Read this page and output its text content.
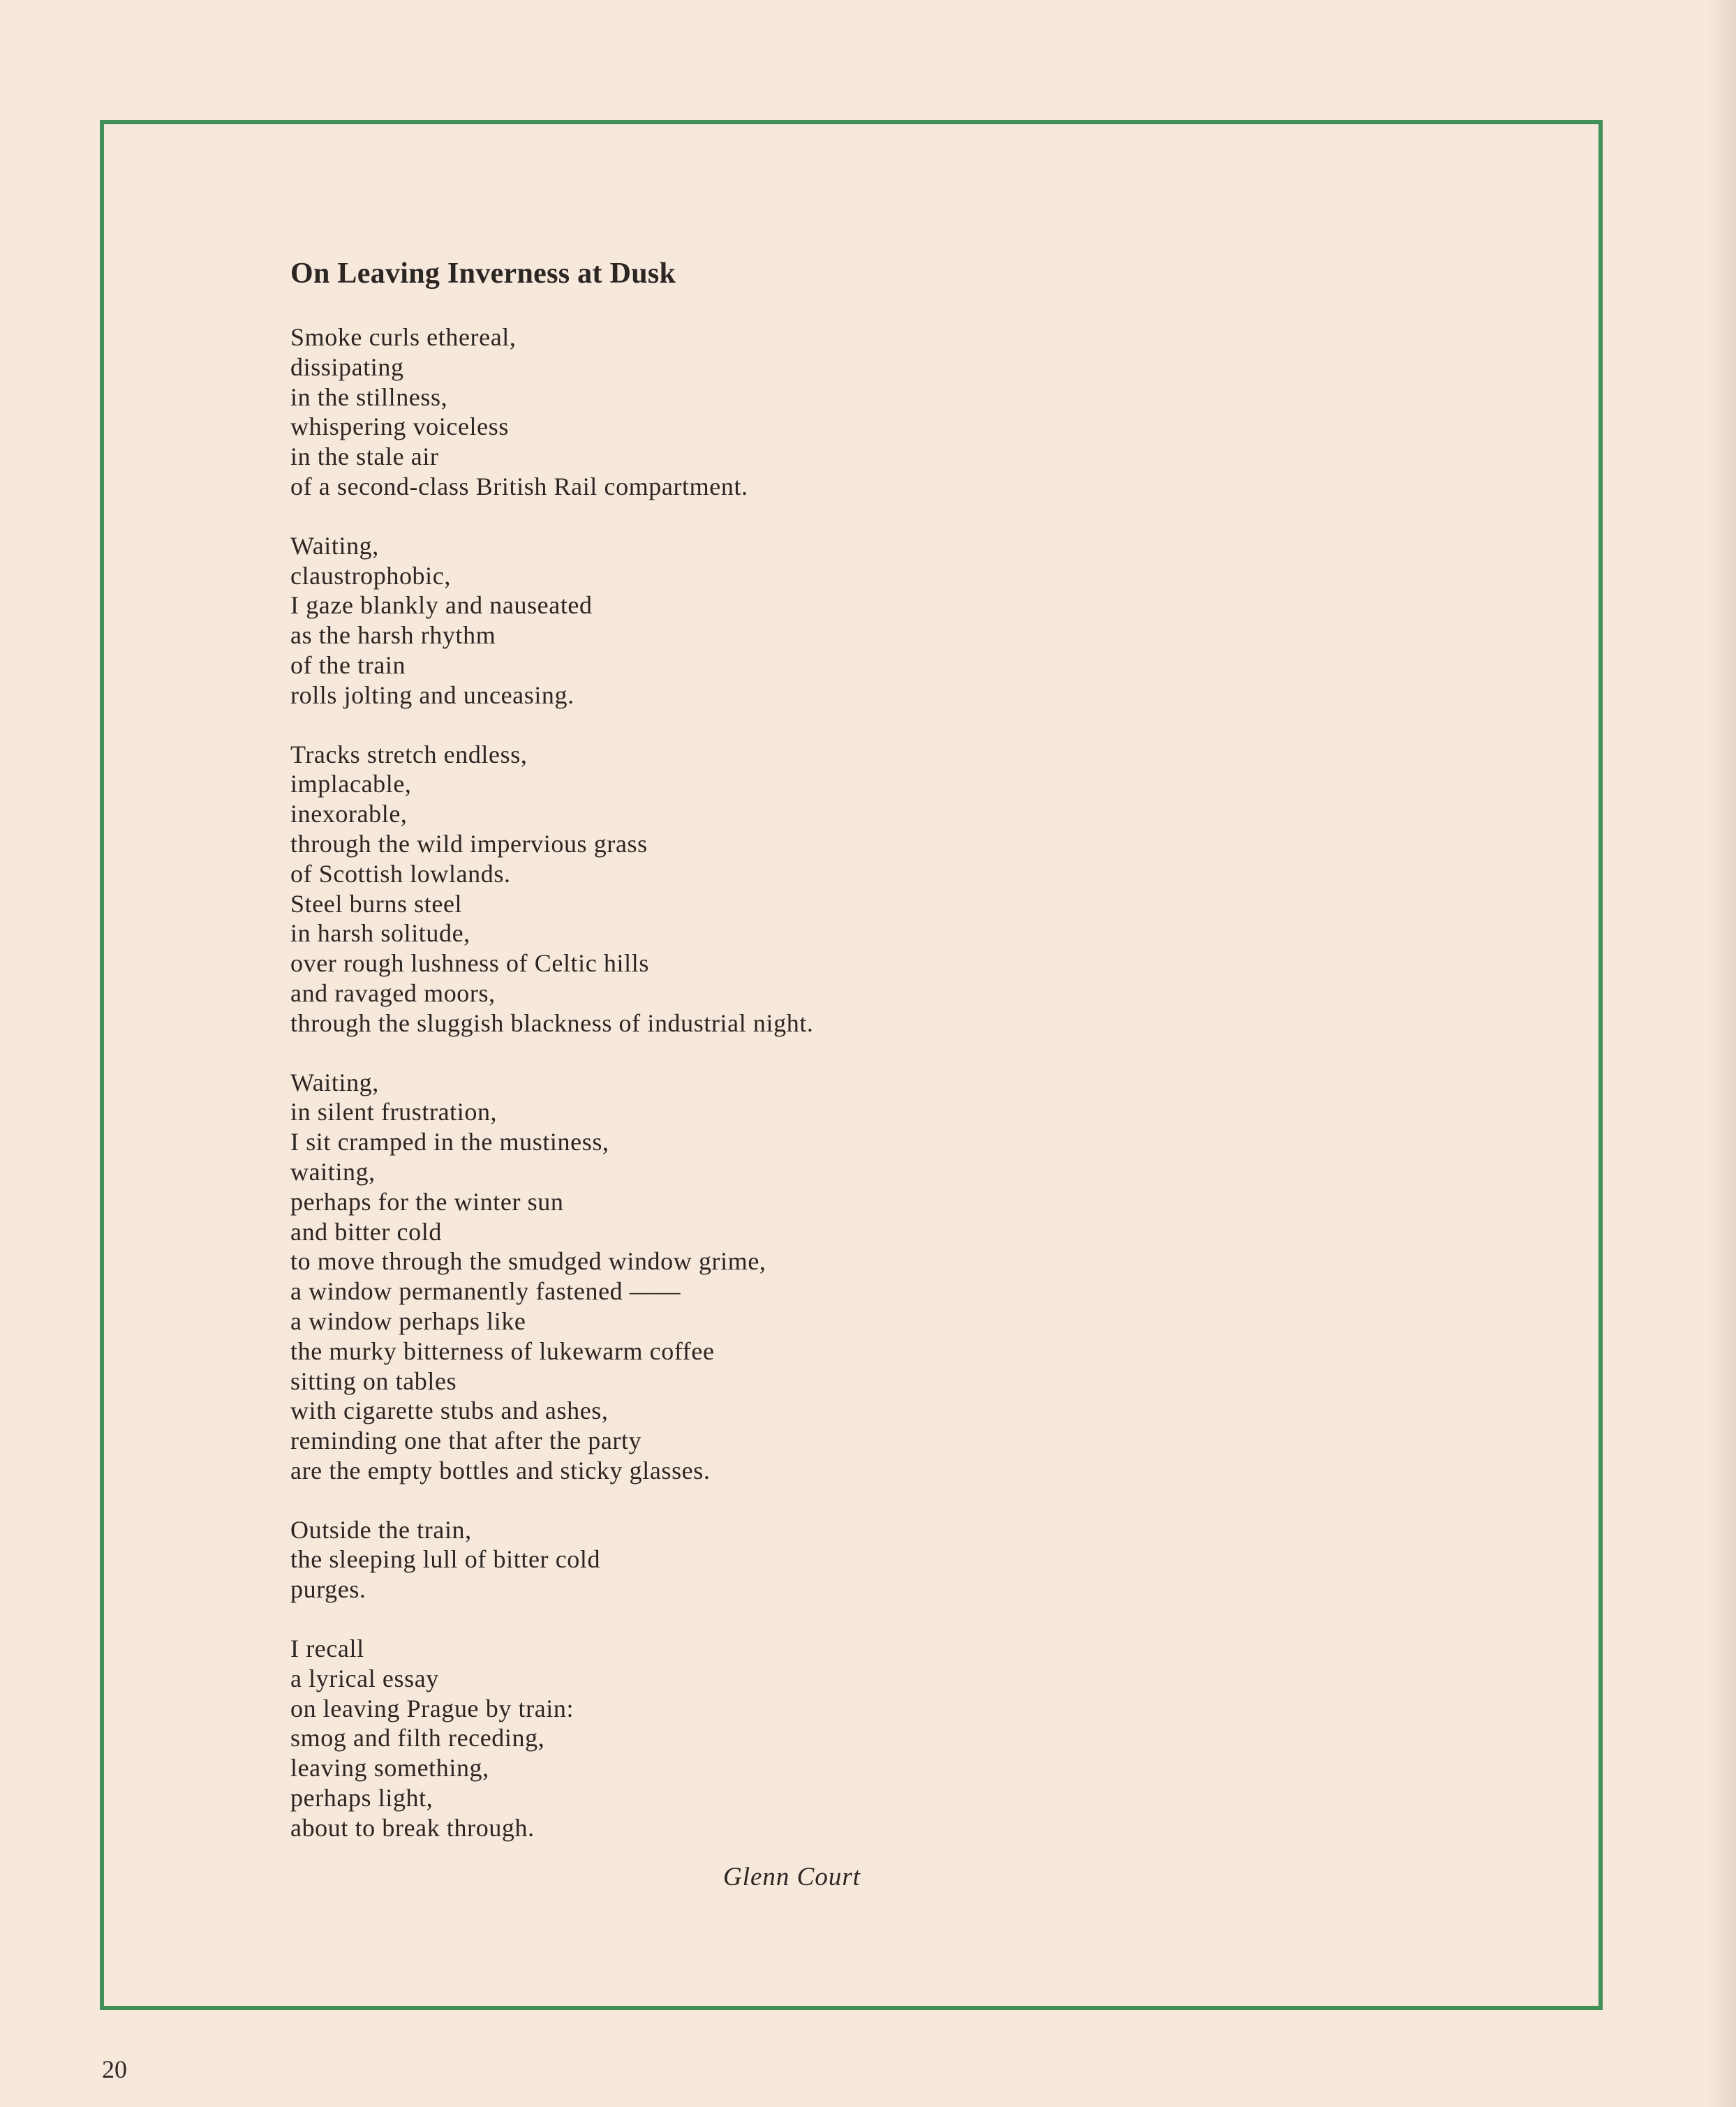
On Leaving Inverness at Dusk
Smoke curls ethereal,
dissipating
in the stillness,
whispering voiceless
in the stale air
of a second-class British Rail compartment.
Waiting,
claustrophobic,
I gaze blankly and nauseated
as the harsh rhythm
of the train
rolls jolting and unceasing.
Tracks stretch endless,
implacable,
inexorable,
through the wild impervious grass
of Scottish lowlands.
Steel burns steel
in harsh solitude,
over rough lushness of Celtic hills
and ravaged moors,
through the sluggish blackness of industrial night.
Waiting,
in silent frustration,
I sit cramped in the mustiness,
waiting,
perhaps for the winter sun
and bitter cold
to move through the smudged window grime,
a window permanently fastened ——
a window perhaps like
the murky bitterness of lukewarm coffee
sitting on tables
with cigarette stubs and ashes,
reminding one that after the party
are the empty bottles and sticky glasses.
Outside the train,
the sleeping lull of bitter cold
purges.
I recall
a lyrical essay
on leaving Prague by train:
smog and filth receding,
leaving something,
perhaps light,
about to break through.
Glenn Court
20
